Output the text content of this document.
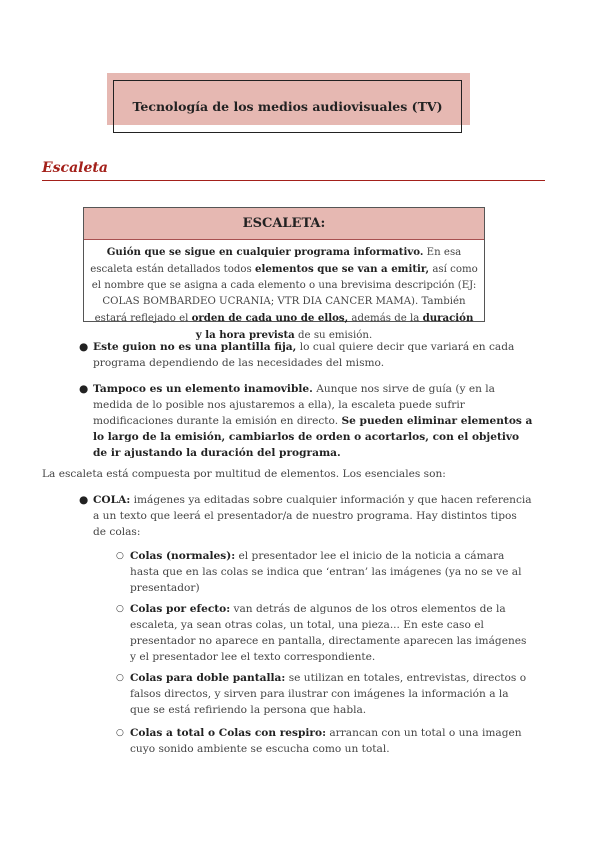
Tecnología de los medios audiovisuales (TV)
Escaleta
ESCALETA:
Guión que se sigue en cualquier programa informativo. En esa escaleta están detallados todos elementos que se van a emitir, así como el nombre que se asigna a cada elemento o una brevisima descripción (EJ: COLAS BOMBARDEO UCRANIA; VTR DIA CANCER MAMA). También estará reflejado el orden de cada uno de ellos, además de la duración y la hora prevista de su emisión.
● Este guion no es una plantilla fija, lo cual quiere decir que variará en cada programa dependiendo de las necesidades del mismo.
● Tampoco es un elemento inamovible. Aunque nos sirve de guía (y en la medida de lo posible nos ajustaremos a ella), la escaleta puede sufrir modificaciones durante la emisión en directo. Se pueden eliminar elementos a lo largo de la emisión, cambiarlos de orden o acortarlos, con el objetivo de ir ajustando la duración del programa.
La escaleta está compuesta por multitud de elementos. Los esenciales son:
● COLA: imágenes ya editadas sobre cualquier información y que hacen referencia a un texto que leerá el presentador/a de nuestro programa. Hay distintos tipos de colas:
○ Colas (normales): el presentador lee el inicio de la noticia a cámara hasta que en las colas se indica que ‘entran’ las imágenes (ya no se ve al presentador)
○ Colas por efecto: van detrás de algunos de los otros elementos de la escaleta, ya sean otras colas, un total, una pieza... En este caso el presentador no aparece en pantalla, directamente aparecen las imágenes y el presentador lee el texto correspondiente.
○ Colas para doble pantalla: se utilizan en totales, entrevistas, directos o falsos directos, y sirven para ilustrar con imágenes la información a la que se está refiriendo la persona que habla.
○ Colas a total o Colas con respiro: arrancan con un total o una imagen cuyo sonido ambiente se escucha como un total.
